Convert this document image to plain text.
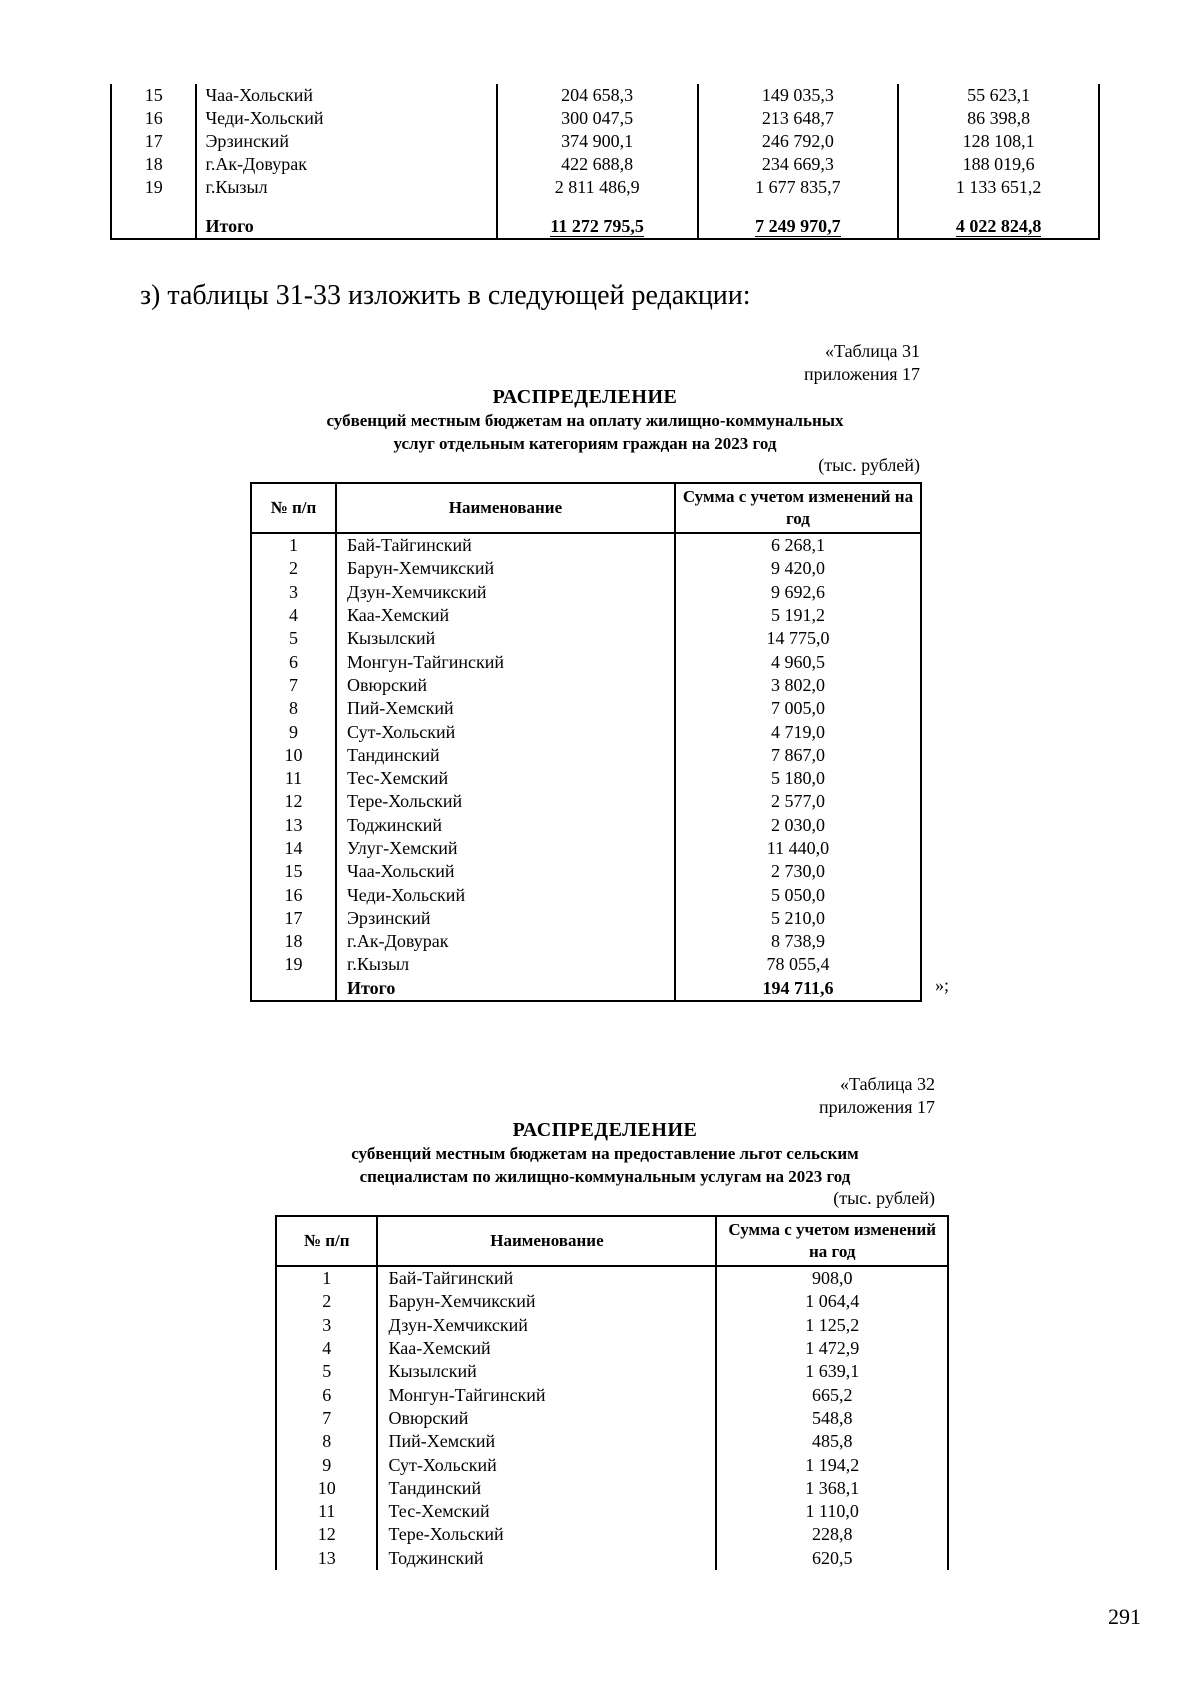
15	Чаа-Хольский	204 658,3	149 035,3	55 623,1
16	Чеди-Хольский	300 047,5	213 648,7	86 398,8
17	Эрзинский	374 900,1	246 792,0	128 108,1
18	г.Ак-Довурак	422 688,8	234 669,3	188 019,6
19	г.Кызыл	2 811 486,9	1 677 835,7	1 133 651,2

	Итого	11 272 795,5	7 249 970,7	4 022 824,8
з) таблицы 31-33 изложить в следующей редакции:
«Таблица 31
приложения 17
РАСПРЕДЕЛЕНИЕ
субвенций местным бюджетам на оплату жилищно-коммунальных
услуг отдельным категориям граждан на 2023 год
(тыс. рублей)
№ п/п	Наименование	Сумма с учетом изменений на год
1	Бай-Тайгинский	6 268,1
2	Барун-Хемчикский	9 420,0
3	Дзун-Хемчикский	9 692,6
4	Каа-Хемский	5 191,2
5	Кызылский	14 775,0
6	Монгун-Тайгинский	4 960,5
7	Овюрский	3 802,0
8	Пий-Хемский	7 005,0
9	Сут-Хольский	4 719,0
10	Тандинский	7 867,0
11	Тес-Хемский	5 180,0
12	Тере-Хольский	2 577,0
13	Тоджинский	2 030,0
14	Улуг-Хемский	11 440,0
15	Чаа-Хольский	2 730,0
16	Чеди-Хольский	5 050,0
17	Эрзинский	5 210,0
18	г.Ак-Довурак	8 738,9
19	г.Кызыл	78 055,4
	Итого	194 711,6	»;
«Таблица 32
приложения 17
РАСПРЕДЕЛЕНИЕ
субвенций местным бюджетам на предоставление льгот сельским
специалистам по жилищно-коммунальным услугам на 2023 год
(тыс. рублей)
№ п/п	Наименование	Сумма с учетом изменений на год
1	Бай-Тайгинский	908,0
2	Барун-Хемчикский	1 064,4
3	Дзун-Хемчикский	1 125,2
4	Каа-Хемский	1 472,9
5	Кызылский	1 639,1
6	Монгун-Тайгинский	665,2
7	Овюрский	548,8
8	Пий-Хемский	485,8
9	Сут-Хольский	1 194,2
10	Тандинский	1 368,1
11	Тес-Хемский	1 110,0
12	Тере-Хольский	228,8
13	Тоджинский	620,5
291
